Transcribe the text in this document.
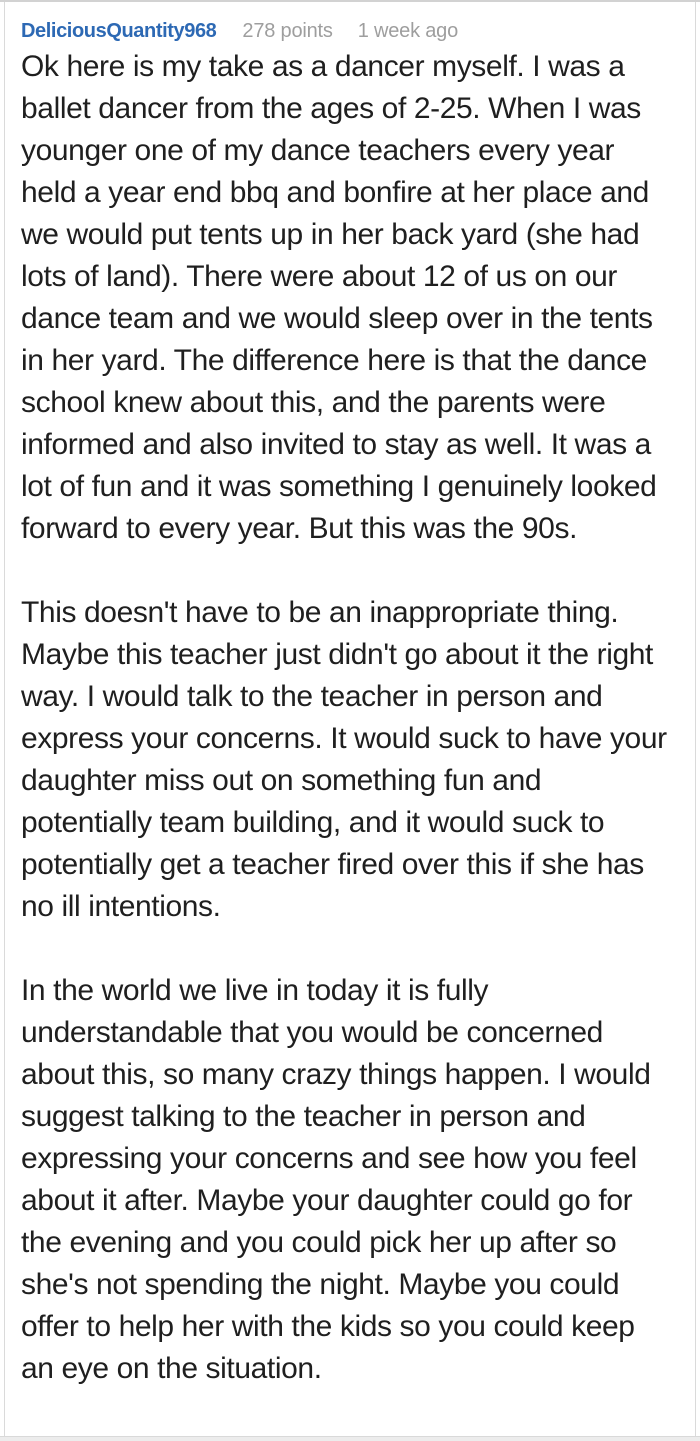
DeliciousQuantity968 278 points 1 week ago

Ok here is my take as a dancer myself. I was a ballet dancer from the ages of 2-25. When I was younger one of my dance teachers every year held a year end bbq and bonfire at her place and we would put tents up in her back yard (she had lots of land). There were about 12 of us on our dance team and we would sleep over in the tents in her yard. The difference here is that the dance school knew about this, and the parents were informed and also invited to stay as well. It was a lot of fun and it was something I genuinely looked forward to every year. But this was the 90s.

This doesn't have to be an inappropriate thing. Maybe this teacher just didn't go about it the right way. I would talk to the teacher in person and express your concerns. It would suck to have your daughter miss out on something fun and potentially team building, and it would suck to potentially get a teacher fired over this if she has no ill intentions.

In the world we live in today it is fully understandable that you would be concerned about this, so many crazy things happen. I would suggest talking to the teacher in person and expressing your concerns and see how you feel about it after. Maybe your daughter could go for the evening and you could pick her up after so she's not spending the night. Maybe you could offer to help her with the kids so you could keep an eye on the situation.
